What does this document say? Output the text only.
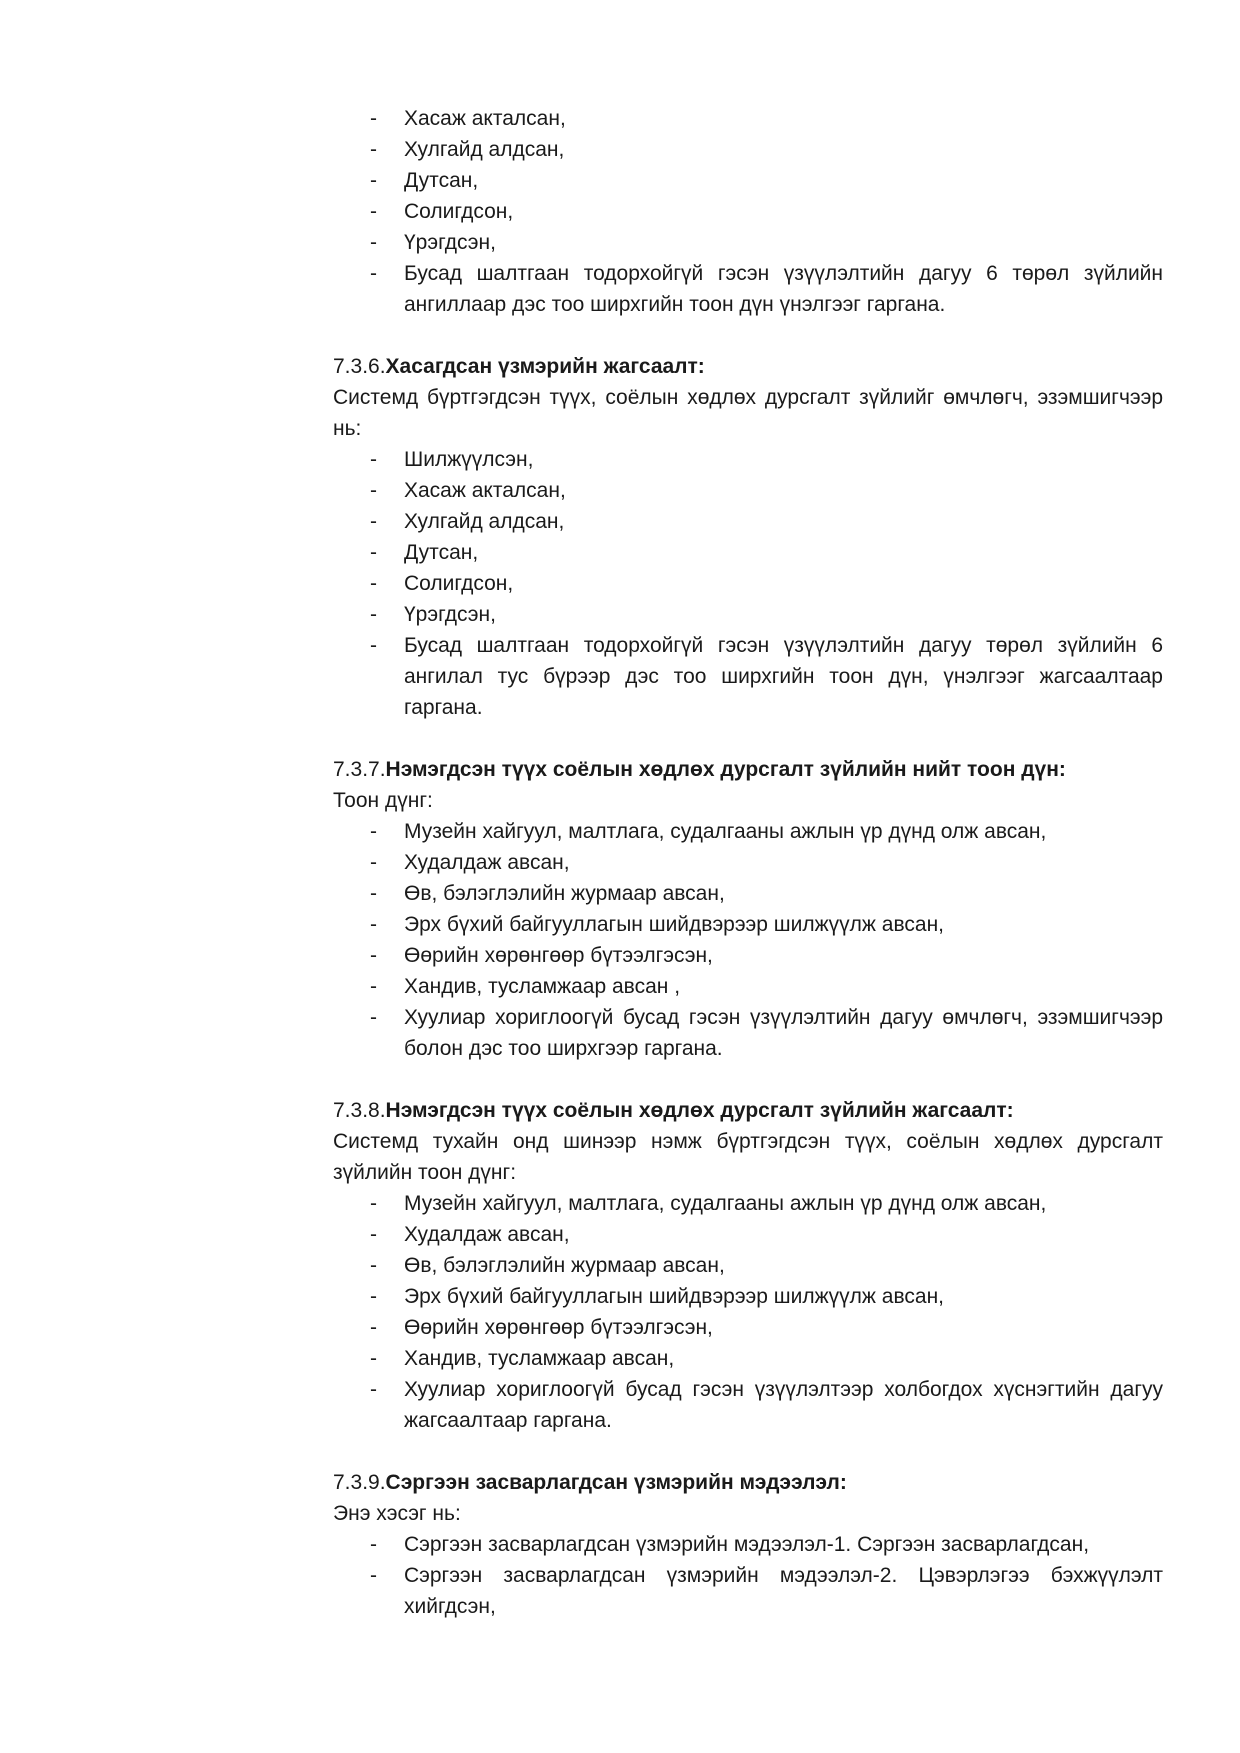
- Хасаж акталсан,
- Хулгайд алдсан,
- Дутсан,
- Солигдсон,
- Үрэгдсэн,
- Бусад шалтгаан тодорхойгүй гэсэн үзүүлэлтийн дагуу 6 төрөл зүйлийн ангиллаар дэс тоо ширхгийн тоон дүн үнэлгээг гаргана.

7.3.6.Хасагдсан үзмэрийн жагсаалт:

Системд бүртгэгдсэн түүх, соёлын хөдлөх дурсгалт зүйлийг өмчлөгч, эзэмшигчээр нь:

- Шилжүүлсэн,
- Хасаж акталсан,
- Хулгайд алдсан,
- Дутсан,
- Солигдсон,
- Үрэгдсэн,
- Бусад шалтгаан тодорхойгүй гэсэн үзүүлэлтийн дагуу төрөл зүйлийн 6 ангилал тус бүрээр дэс тоо ширхгийн тоон дүн, үнэлгээг жагсаалтаар гаргана.

7.3.7.Нэмэгдсэн түүх соёлын хөдлөх дурсгалт зүйлийн нийт тоон дүн:

Тоон дүнг:

- Музейн хайгуул, малтлага, судалгааны ажлын үр дүнд олж авсан,
- Худалдаж авсан,
- Өв, бэлэглэлийн журмаар авсан,
- Эрх бүхий байгууллагын шийдвэрээр шилжүүлж авсан,
- Өөрийн хөрөнгөөр бүтээлгэсэн,
- Хандив, тусламжаар авсан ,
- Хуулиар хориглоогүй бусад гэсэн үзүүлэлтийн дагуу өмчлөгч, эзэмшигчээр болон дэс тоо ширхгээр гаргана.

7.3.8.Нэмэгдсэн түүх соёлын хөдлөх дурсгалт зүйлийн жагсаалт:

Системд тухайн онд шинээр нэмж бүртгэгдсэн түүх, соёлын хөдлөх дурсгалт зүйлийн тоон дүнг:

- Музейн хайгуул, малтлага, судалгааны ажлын үр дүнд олж авсан,
- Худалдаж авсан,
- Өв, бэлэглэлийн журмаар авсан,
- Эрх бүхий байгууллагын шийдвэрээр шилжүүлж авсан,
- Өөрийн хөрөнгөөр бүтээлгэсэн,
- Хандив, тусламжаар авсан,
- Хуулиар хориглоогүй бусад гэсэн үзүүлэлтээр холбогдох хүснэгтийн дагуу жагсаалтаар гаргана.

7.3.9.Сэргээн засварлагдсан үзмэрийн мэдээлэл:

Энэ хэсэг нь:

- Сэргээн засварлагдсан үзмэрийн мэдээлэл-1. Сэргээн засварлагдсан,
- Сэргээн засварлагдсан үзмэрийн мэдээлэл-2. Цэвэрлэгээ бэхжүүлэлт хийгдсэн,
